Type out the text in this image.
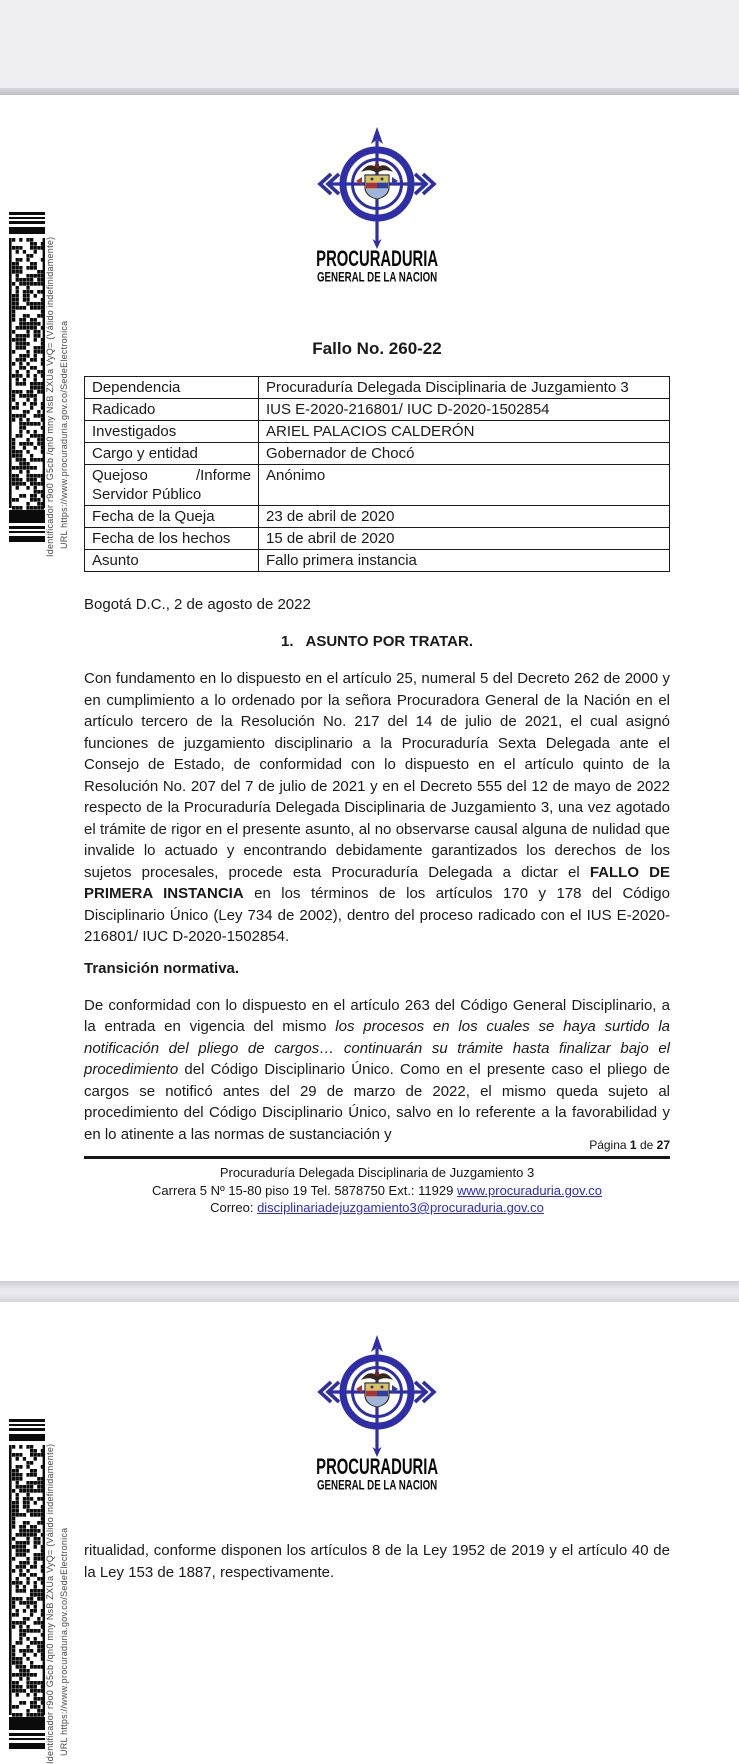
PROCURADURIA
GENERAL DE LA NACION
Fallo No. 260-22
Dependencia	Procuraduría Delegada Disciplinaria de Juzgamiento 3
Radicado	IUS E-2020-216801/ IUC D-2020-1502854
Investigados	ARIEL PALACIOS CALDERÓN
Cargo y entidad	Gobernador de Chocó
Quejoso /Informe Servidor Público	Anónimo
Fecha de la Queja	23 de abril de 2020
Fecha de los hechos	15 de abril de 2020
Asunto	Fallo primera instancia
Bogotá D.C., 2 de agosto de 2022
1. ASUNTO POR TRATAR.

Con fundamento en lo dispuesto en el artículo 25, numeral 5 del Decreto 262 de 2000 y en cumplimiento a lo ordenado por la señora Procuradora General de la Nación en el artículo tercero de la Resolución No. 217 del 14 de julio de 2021, el cual asignó funciones de juzgamiento disciplinario a la Procuraduría Sexta Delegada ante el Consejo de Estado, de conformidad con lo dispuesto en el artículo quinto de la Resolución No. 207 del 7 de julio de 2021 y en el Decreto 555 del 12 de mayo de 2022 respecto de la Procuraduría Delegada Disciplinaria de Juzgamiento 3, una vez agotado el trámite de rigor en el presente asunto, al no observarse causal alguna de nulidad que invalide lo actuado y encontrando debidamente garantizados los derechos de los sujetos procesales, procede esta Procuraduría Delegada a dictar el FALLO DE PRIMERA INSTANCIA en los términos de los artículos 170 y 178 del Código Disciplinario Único (Ley 734 de 2002), dentro del proceso radicado con el IUS E-2020-216801/ IUC D-2020-1502854.

Transición normativa.

De conformidad con lo dispuesto en el artículo 263 del Código General Disciplinario, a la entrada en vigencia del mismo los procesos en los cuales se haya surtido la notificación del pliego de cargos… continuarán su trámite hasta finalizar bajo el procedimiento del Código Disciplinario Único. Como en el presente caso el pliego de cargos se notificó antes del 29 de marzo de 2022, el mismo queda sujeto al procedimiento del Código Disciplinario Único, salvo en lo referente a la favorabilidad y en lo atinente a las normas de sustanciación y

Página 1 de 27
Procuraduría Delegada Disciplinaria de Juzgamiento 3
Carrera 5 Nº 15-80 piso 19 Tel. 5878750 Ext.: 11929 www.procuraduria.gov.co
Correo: disciplinariadejuzgamiento3@procuraduria.gov.co
PROCURADURIA
GENERAL DE LA NACION

ritualidad, conforme disponen los artículos 8 de la Ley 1952 de 2019 y el artículo 40 de la Ley 153 de 1887, respectivamente.

Identificador r9o0 G5cb /qn0 mny NsB ZXUa VyQ= (Válido indefinidamente) URL https://www.procuraduria.gov.co/SedeElectronica
Identificador r9o0 G5cb /qn0 mny NsB ZXUa VyQ= (Válido indefinidamente) URL https://www.procuraduria.gov.co/SedeElectronica
